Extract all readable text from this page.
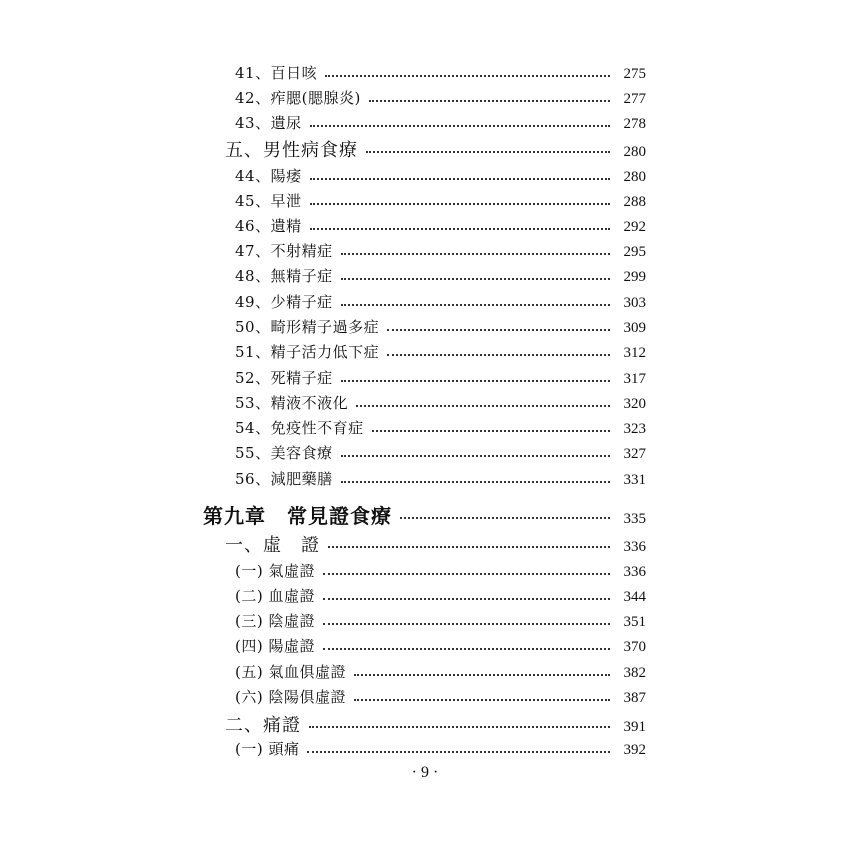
41、百日咳	275
42、痄腮(腮腺炎)	277
43、遺尿	278
五、男性病食療	280
44、陽痿	280
45、早泄	288
46、遺精	292
47、不射精症	295
48、無精子症	299
49、少精子症	303
50、畸形精子過多症	309
51、精子活力低下症	312
52、死精子症	317
53、精液不液化	320
54、免疫性不育症	323
55、美容食療	327
56、減肥藥膳	331
第九章　常見證食療	335
一、虛　證	336
(一) 氣虛證	336
(二) 血虛證	344
(三) 陰虛證	351
(四) 陽虛證	370
(五) 氣血俱虛證	382
(六) 陰陽俱虛證	387
二、痛證	391
(一) 頭痛	392
· 9 ·
